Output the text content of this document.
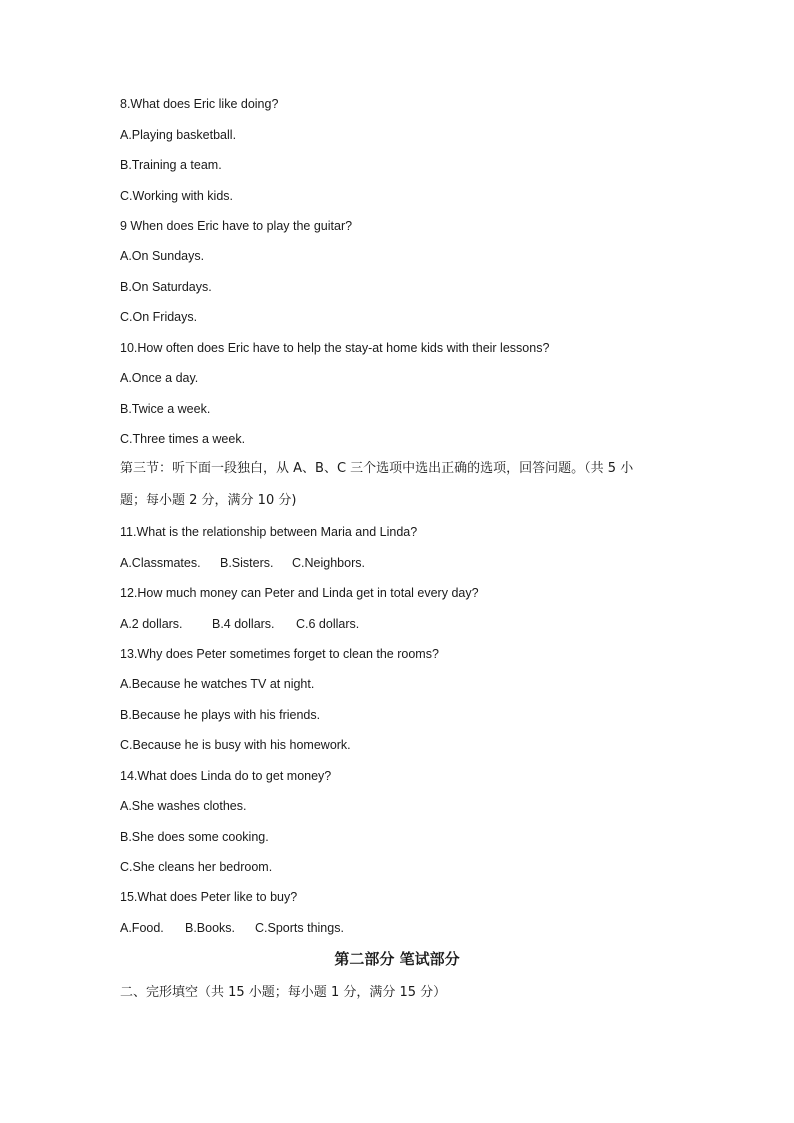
8.What does Eric like doing?
A.Playing basketball.
B.Training a team.
C.Working with kids.
9 When does Eric have to play the guitar?
A.On Sundays.
B.On Saturdays.
C.On Fridays.
10.How often does Eric have to help the stay-at home kids with their lessons?
A.Once a day.
B.Twice a week.
C.Three times a week.
第三节：听下面一段独白，从 A、B、C 三个选项中选出正确的选项，回答问题。（共 5 小
题；每小题 2 分，满分 10 分)
11.What is the relationship between Maria and Linda?
A.Classmates. B.Sisters. C.Neighbors.
12.How much money can Peter and Linda get in total every day?
A.2 dollars. B.4 dollars. C.6 dollars.
13.Why does Peter sometimes forget to clean the rooms?
A.Because he watches TV at night.
B.Because he plays with his friends.
C.Because he is busy with his homework.
14.What does Linda do to get money?
A.She washes clothes.
B.She does some cooking.
C.She cleans her bedroom.
15.What does Peter like to buy?
A.Food. B.Books. C.Sports things.
第二部分 笔试部分
二、完形填空（共 15 小题；每小题 1 分，满分 15 分）
